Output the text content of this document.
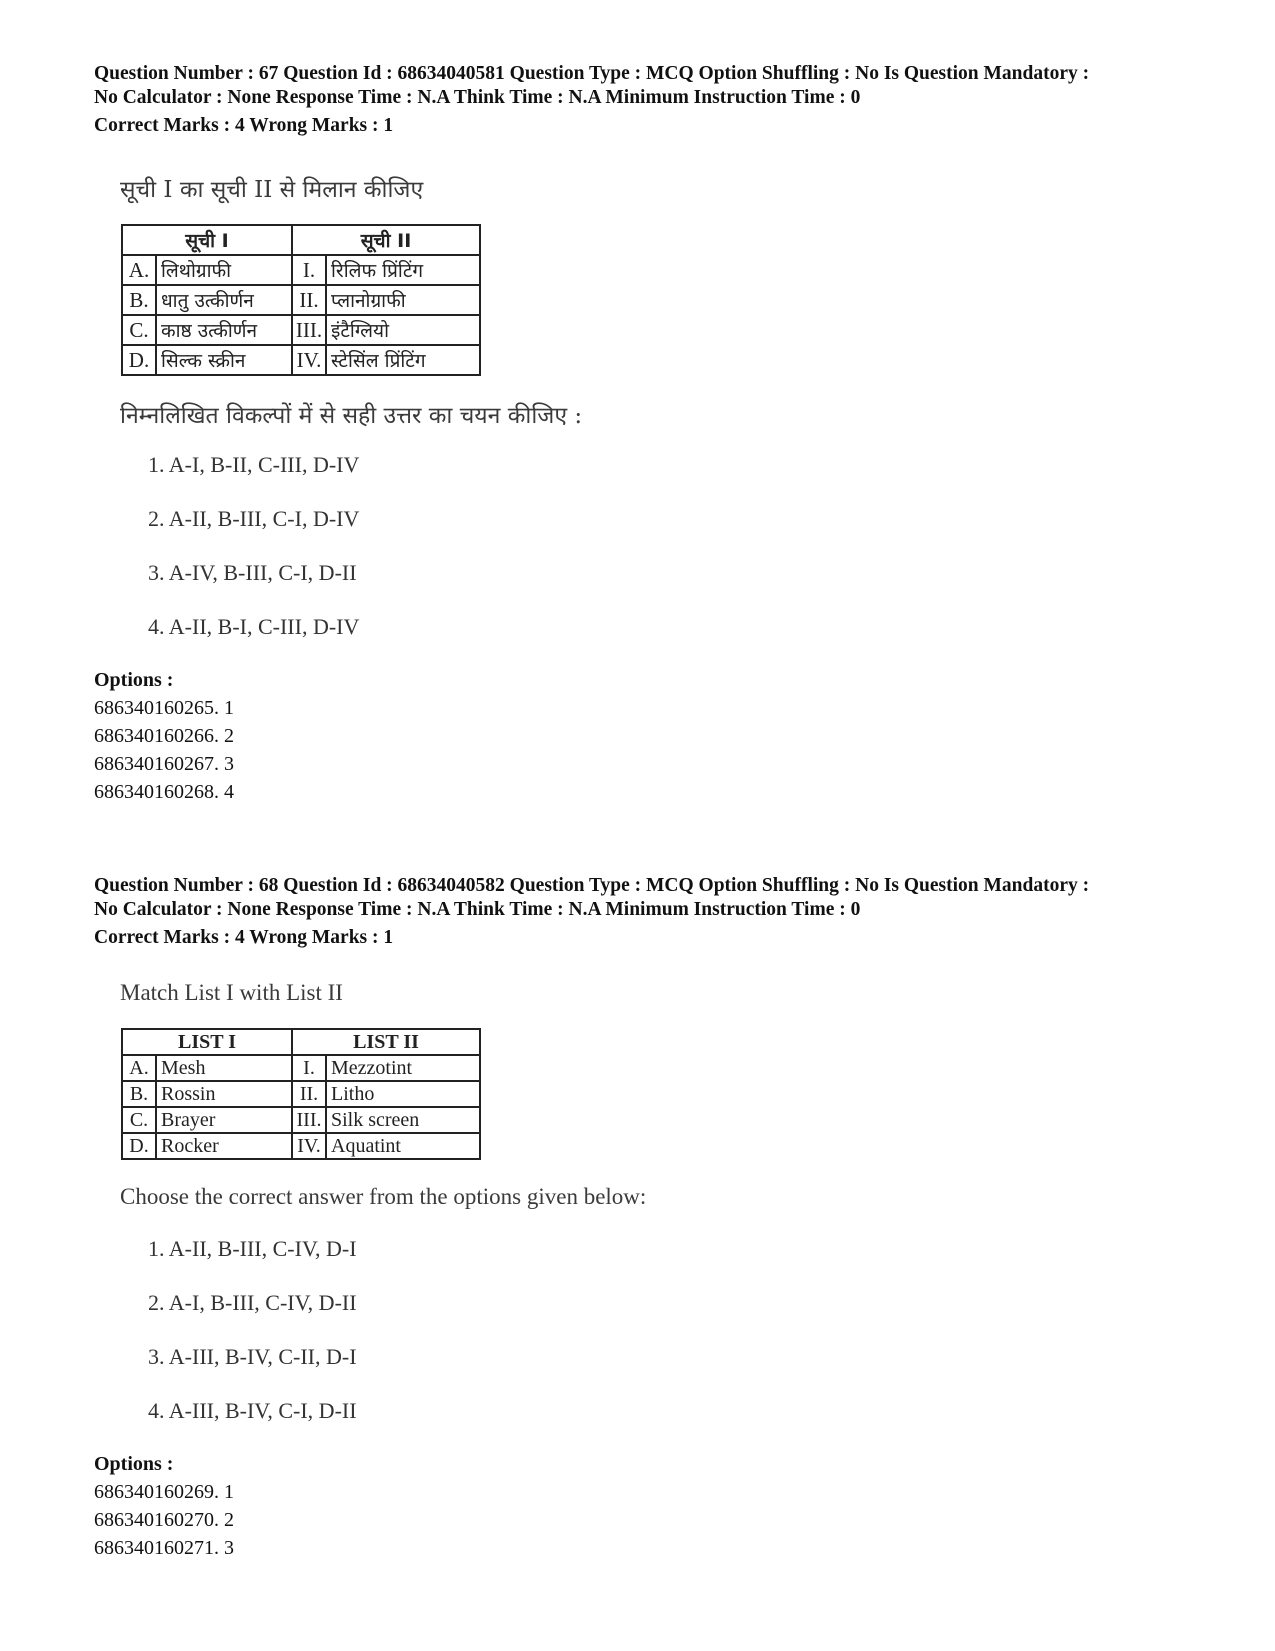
Question Number : 67 Question Id : 68634040581 Question Type : MCQ Option Shuffling : No Is Question Mandatory :
No Calculator : None Response Time : N.A Think Time : N.A Minimum Instruction Time : 0
Correct Marks : 4 Wrong Marks : 1
सूची I का सूची II से मिलान कीजिए
सूची I		सूची II	
A.	लिथोग्राफी	I.	रिलिफ प्रिंटिंग
B.	धातु उत्कीर्णन	II.	प्लानोग्राफी
C.	काष्ठ उत्कीर्णन	III.	इंटैग्लियो
D.	सिल्क स्क्रीन	IV.	स्टेसिंल प्रिंटिंग
निम्नलिखित विकल्पों में से सही उत्तर का चयन कीजिए :
1. A-I, B-II, C-III, D-IV
2. A-II, B-III, C-I, D-IV
3. A-IV, B-III, C-I, D-II
4. A-II, B-I, C-III, D-IV
Options :
686340160265. 1
686340160266. 2
686340160267. 3
686340160268. 4
Question Number : 68 Question Id : 68634040582 Question Type : MCQ Option Shuffling : No Is Question Mandatory :
No Calculator : None Response Time : N.A Think Time : N.A Minimum Instruction Time : 0
Correct Marks : 4 Wrong Marks : 1
Match List I with List II
LIST I		LIST II	
A.	Mesh	I.	Mezzotint
B.	Rossin	II.	Litho
C.	Brayer	III.	Silk screen
D.	Rocker	IV.	Aquatint
Choose the correct answer from the options given below:
1. A-II, B-III, C-IV, D-I
2. A-I, B-III, C-IV, D-II
3. A-III, B-IV, C-II, D-I
4. A-III, B-IV, C-I, D-II
Options :
686340160269. 1
686340160270. 2
686340160271. 3
